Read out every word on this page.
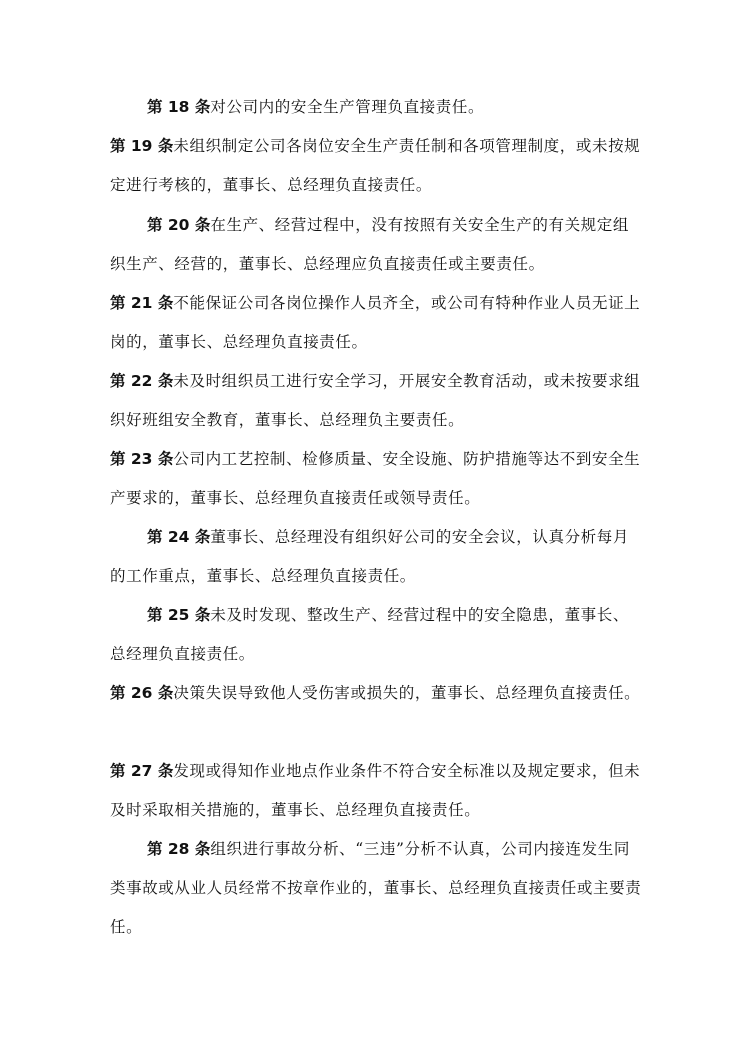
第 18 条对公司内的安全生产管理负直接责任。

第 19 条未组织制定公司各岗位安全生产责任制和各项管理制度，或未按规定进行考核的，董事长、总经理负直接责任。

第 20 条在生产、经营过程中，没有按照有关安全生产的有关规定组织生产、经营的，董事长、总经理应负直接责任或主要责任。

第 21 条不能保证公司各岗位操作人员齐全，或公司有特种作业人员无证上岗的，董事长、总经理负直接责任。

第 22 条未及时组织员工进行安全学习，开展安全教育活动，或未按要求组织好班组安全教育，董事长、总经理负主要责任。

第 23 条公司内工艺控制、检修质量、安全设施、防护措施等达不到安全生产要求的，董事长、总经理负直接责任或领导责任。

第 24 条董事长、总经理没有组织好公司的安全会议，认真分析每月的工作重点，董事长、总经理负直接责任。

第 25 条未及时发现、整改生产、经营过程中的安全隐患，董事长、总经理负直接责任。

第 26 条决策失误导致他人受伤害或损失的，董事长、总经理负直接责任。

第 27 条发现或得知作业地点作业条件不符合安全标准以及规定要求，但未及时采取相关措施的，董事长、总经理负直接责任。

第 28 条组织进行事故分析、“三违”分析不认真，公司内接连发生同类事故或从业人员经常不按章作业的，董事长、总经理负直接责任或主要责任。
